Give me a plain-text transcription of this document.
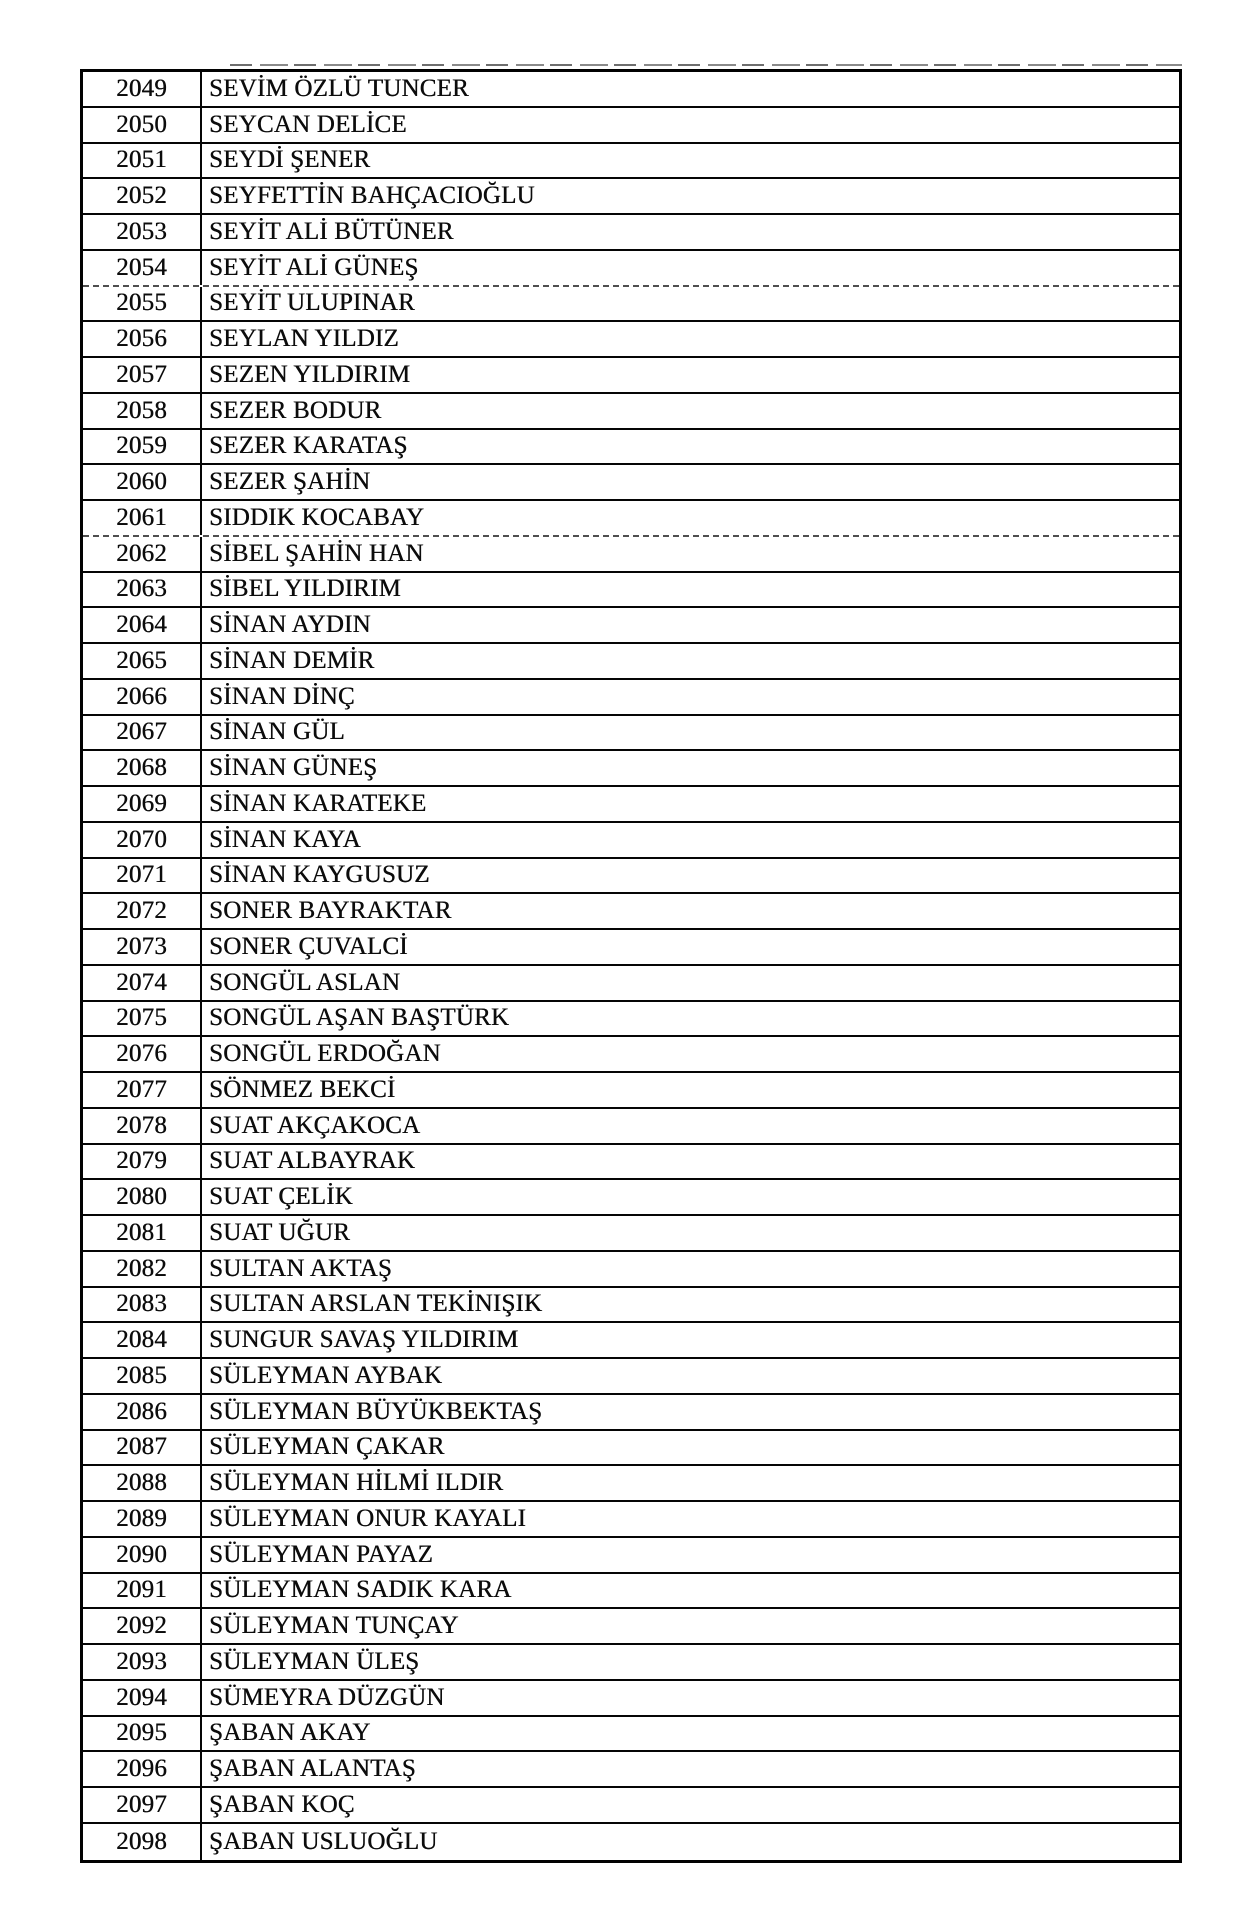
2049	SEVİM ÖZLÜ TUNCER
2050	SEYCAN DELİCE
2051	SEYDİ ŞENER
2052	SEYFETTİN BAHÇACIOĞLU
2053	SEYİT ALİ BÜTÜNER
2054	SEYİT ALİ GÜNEŞ
2055	SEYİT ULUPINAR
2056	SEYLAN YILDIZ
2057	SEZEN YILDIRIM
2058	SEZER BODUR
2059	SEZER KARATAŞ
2060	SEZER ŞAHİN
2061	SIDDIK KOCABAY
2062	SİBEL ŞAHİN HAN
2063	SİBEL YILDIRIM
2064	SİNAN AYDIN
2065	SİNAN DEMİR
2066	SİNAN DİNÇ
2067	SİNAN GÜL
2068	SİNAN GÜNEŞ
2069	SİNAN KARATEKE
2070	SİNAN KAYA
2071	SİNAN KAYGUSUZ
2072	SONER BAYRAKTAR
2073	SONER ÇUVALCİ
2074	SONGÜL ASLAN
2075	SONGÜL AŞAN BAŞTÜRK
2076	SONGÜL ERDOĞAN
2077	SÖNMEZ BEKCİ
2078	SUAT AKÇAKOCA
2079	SUAT ALBAYRAK
2080	SUAT ÇELİK
2081	SUAT UĞUR
2082	SULTAN AKTAŞ
2083	SULTAN ARSLAN TEKİNIŞIK
2084	SUNGUR SAVAŞ YILDIRIM
2085	SÜLEYMAN AYBAK
2086	SÜLEYMAN BÜYÜKBEKTAŞ
2087	SÜLEYMAN ÇAKAR
2088	SÜLEYMAN HİLMİ ILDIR
2089	SÜLEYMAN ONUR KAYALI
2090	SÜLEYMAN PAYAZ
2091	SÜLEYMAN SADIK KARA
2092	SÜLEYMAN TUNÇAY
2093	SÜLEYMAN ÜLEŞ
2094	SÜMEYRA DÜZGÜN
2095	ŞABAN AKAY
2096	ŞABAN ALANTAŞ
2097	ŞABAN KOÇ
2098	ŞABAN USLUOĞLU
